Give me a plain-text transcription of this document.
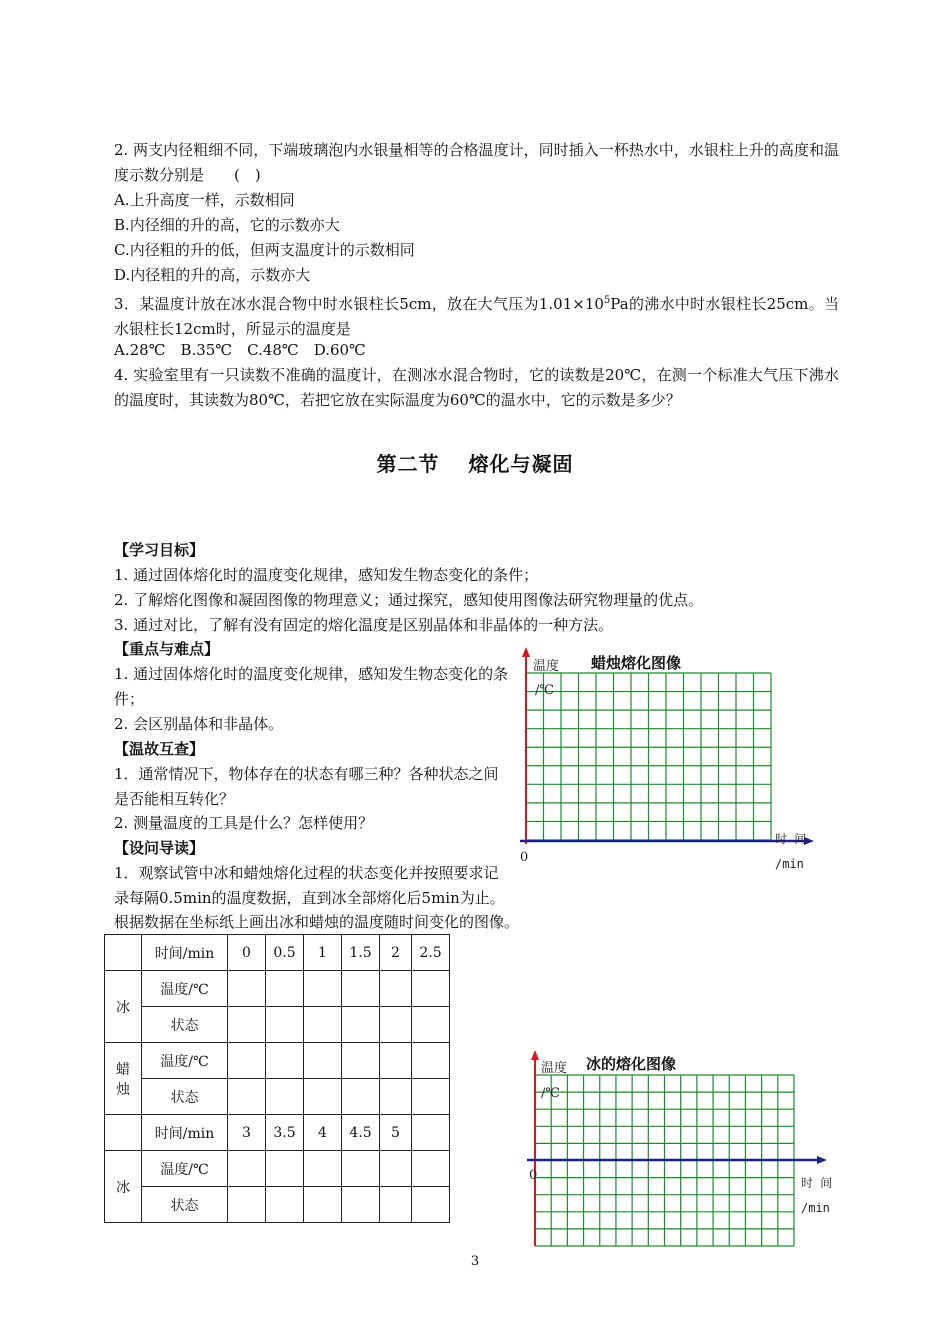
2. 两支内径粗细不同，下端玻璃泡内水银量相等的合格温度计，同时插入一杯热水中，水银柱上升的高度和温度示数分别是　　(　)
A.上升高度一样，示数相同
B.内径细的升的高，它的示数亦大
C.内径粗的升的低，但两支温度计的示数相同
D.内径粗的升的高，示数亦大
3．某温度计放在冰水混合物中时水银柱长5cm，放在大气压为$1.01\times 10^5Pa$的沸水中时水银柱长25cm。当水银柱长12cm时，所显示的温度是
A.28℃　B.35℃　C.48℃　D.60℃
4. 实验室里有一只读数不准确的温度计，在测冰水混合物时，它的读数是20℃，在测一个标准大气压下沸水的温度时，其读数为80℃，若把它放在实际温度为60℃的温水中，它的示数是多少？
第二节　 熔化与凝固
【学习目标】
1. 通过固体熔化时的温度变化规律，感知发生物态变化的条件；
2. 了解熔化图像和凝固图像的物理意义；通过探究，感知使用图像法研究物理量的优点。
3. 通过对比，了解有没有固定的熔化温度是区别晶体和非晶体的一种方法。
【重点与难点】
1. 通过固体熔化时的温度变化规律，感知发生物态变化的条件；
2. 会区别晶体和非晶体。
【温故互查】
1．通常情况下，物体存在的状态有哪三种？各种状态之间是否能相互转化？
2. 测量温度的工具是什么？怎样使用？
【设问导读】
1．观察试管中冰和蜡烛熔化过程的状态变化并按照要求记录每隔0.5min的温度数据，直到冰全部熔化后5min为止。
根据数据在坐标纸上画出冰和蜡烛的温度随时间变化的图像。
	时间/min	0	0.5	1	1.5	2	2.5
冰	温度/℃						
	状态						
蜡
烛	温度/℃						
	状态						
	时间/min	3	3.5	4	4.5	5	
冰	温度/℃						
	状态						
蜡烛熔化图像
温度
/℃
0
时 间
/min
冰的熔化图像
温度
/℃
0	时 间
/min
3
